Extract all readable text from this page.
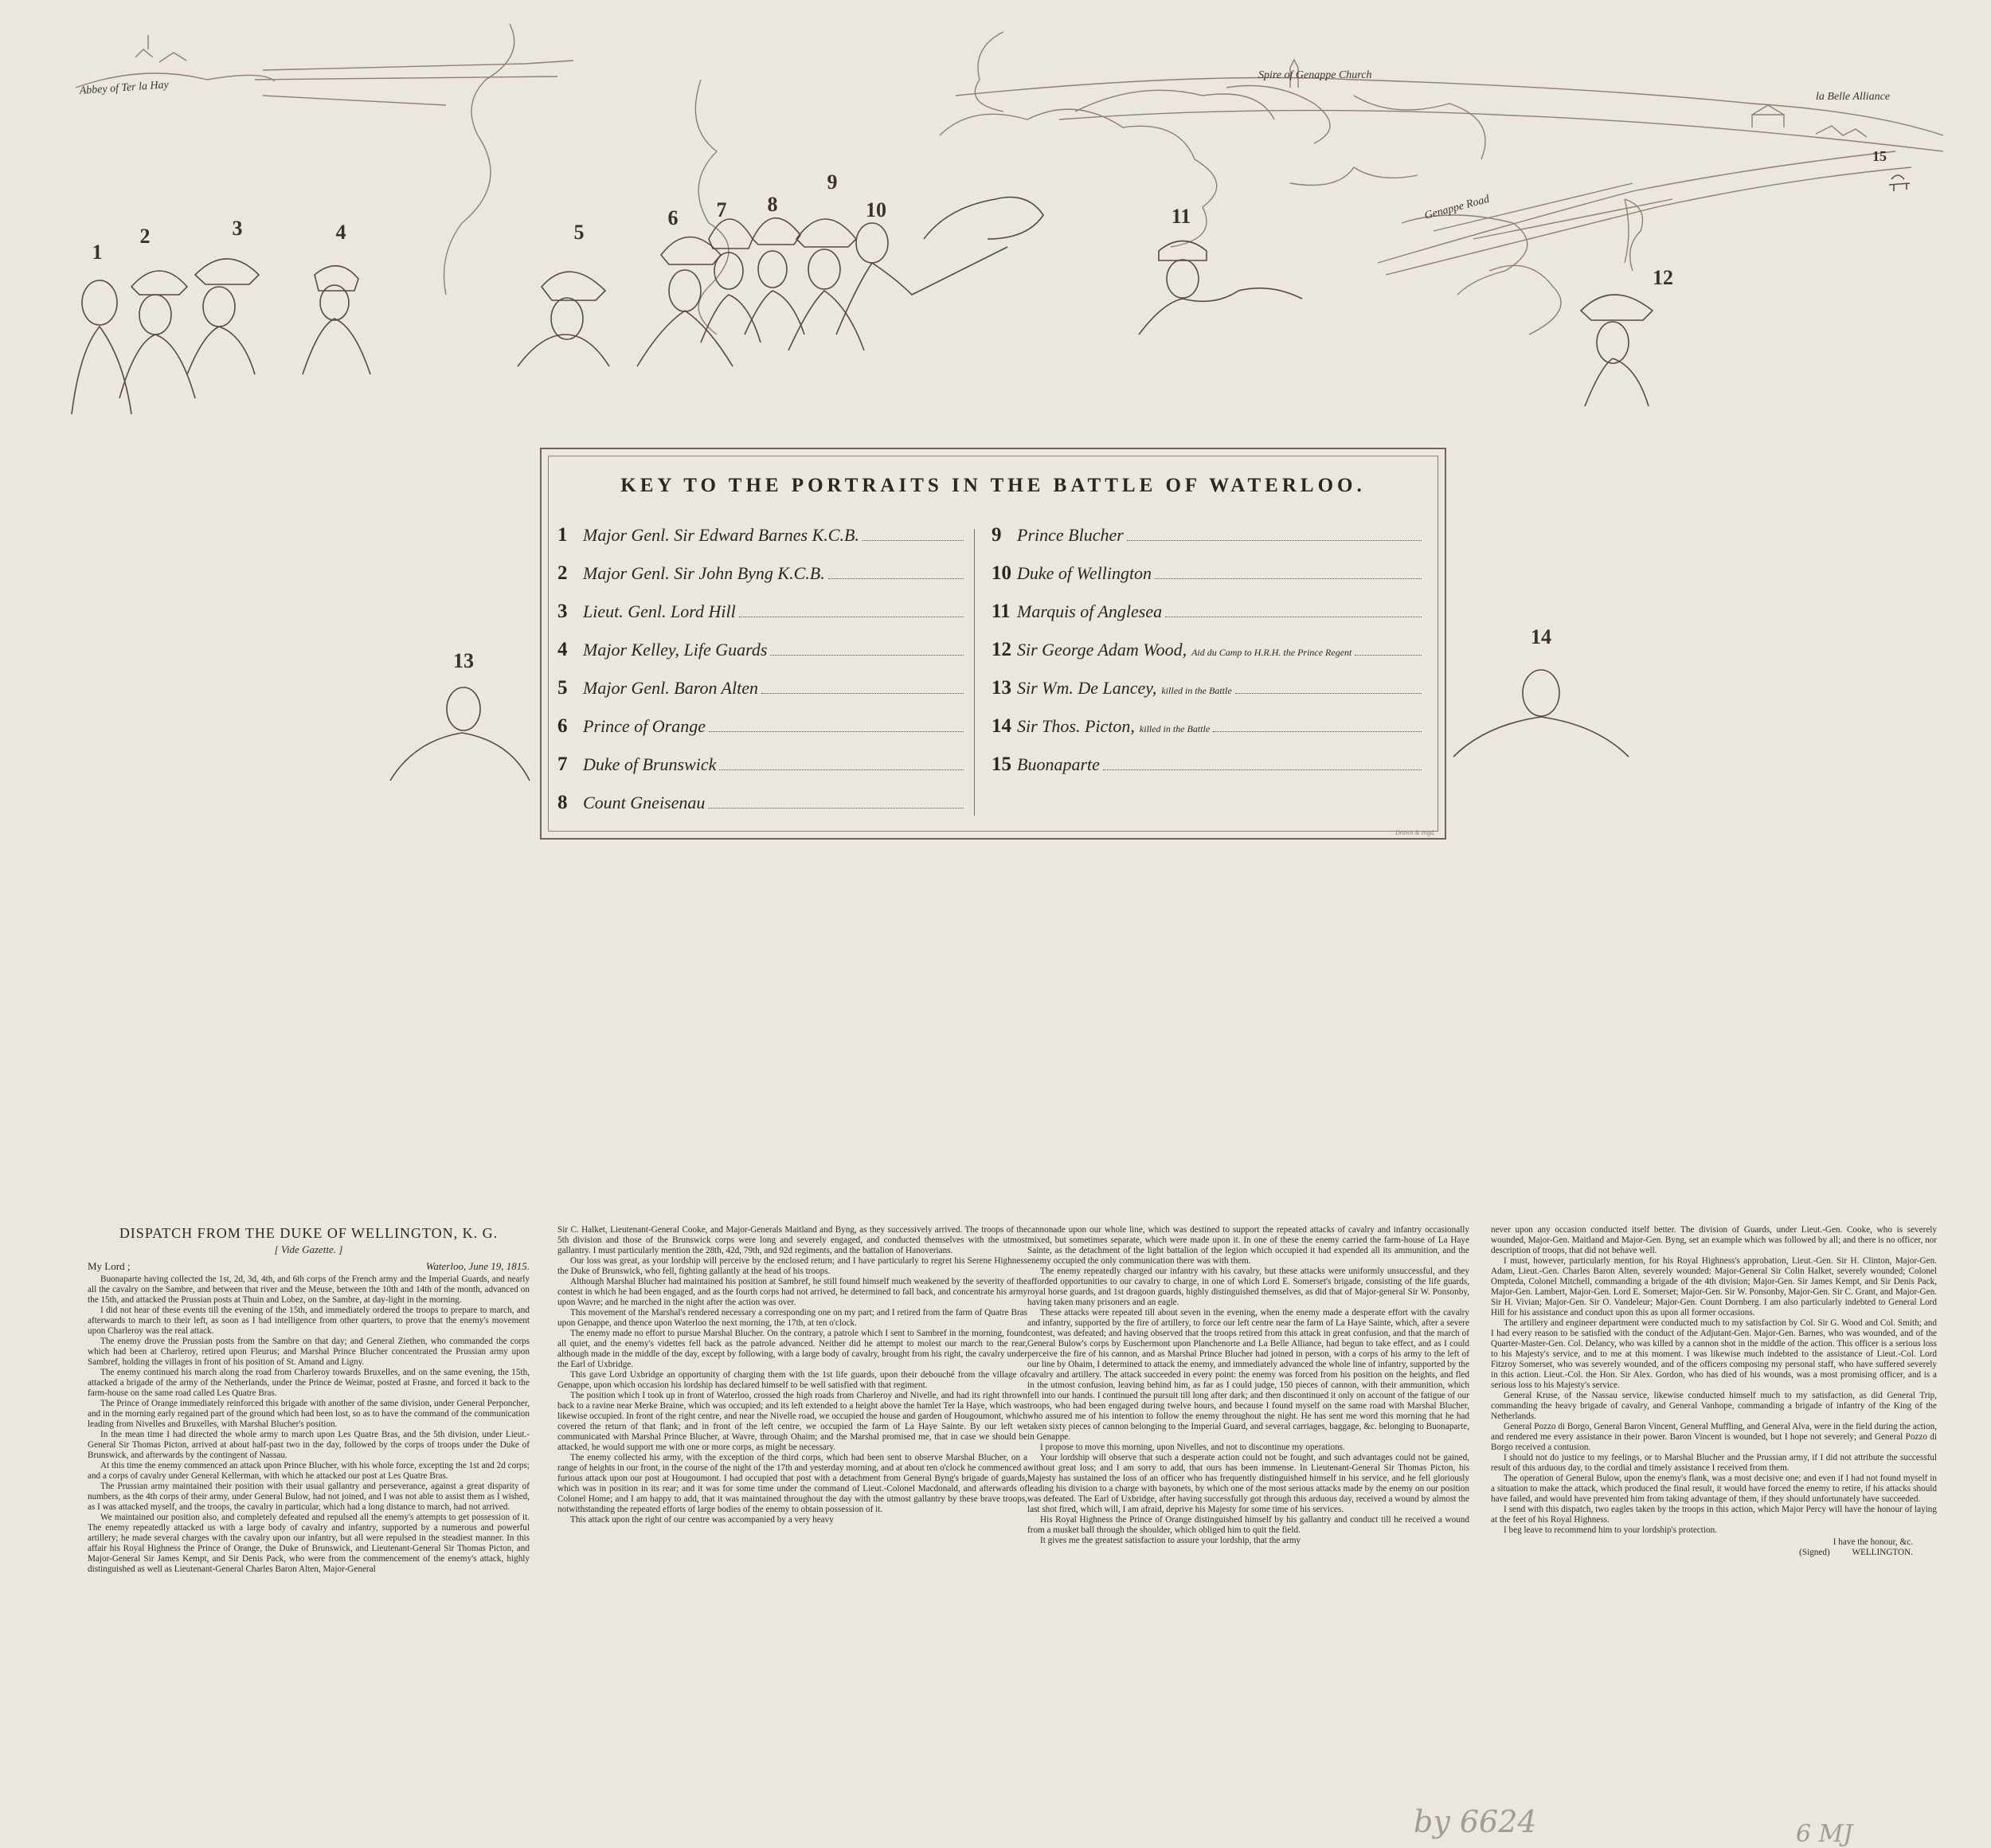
1
2	3	4	5
6 7 8
9
10	11
12
13
14
15
Abbey of Ter la Hay
Spire of Genappe Church
la Belle Alliance
Genappe Road
KEY TO THE PORTRAITS IN THE BATTLE OF WATERLOO.
1 Major Genl. Sir Edward Barnes K.C.B.
2 Major Genl. Sir John Byng K.C.B.
3 Lieut. Genl. Lord Hill
4 Major Kelley, Life Guards
5 Major Genl. Baron Alten
6 Prince of Orange
7 Duke of Brunswick
8 Count Gneisenau
9 Prince Blucher
10 Duke of Wellington
11 Marquis of Anglesea
12 Sir George Adam Wood, Aid du Camp to H.R.H. the Prince Regent
13 Sir Wm. De Lancey, killed in the Battle
14 Sir Thos. Picton, killed in the Battle
15 Buonaparte
Drawn & engd.
DISPATCH FROM THE DUKE OF WELLINGTON, K. G.
[ Vide Gazette. ]
My Lord ;	Waterloo, June 19, 1815.

Buonaparte having collected the 1st, 2d, 3d, 4th, and 6th corps of the French army and the Imperial Guards, and nearly all the cavalry on the Sambre, and between that river and the Meuse, between the 10th and 14th of the month, advanced on the 15th, and attacked the Prussian posts at Thuin and Lobez, on the Sambre, at day-light in the morning.

I did not hear of these events till the evening of the 15th, and immediately ordered the troops to prepare to march, and afterwards to march to their left, as soon as I had intelligence from other quarters, to prove that the enemy's movement upon Charleroy was the real attack.

The enemy drove the Prussian posts from the Sambre on that day; and General Ziethen, who commanded the corps which had been at Charleroy, retired upon Fleurus; and Marshal Prince Blucher concentrated the Prussian army upon Sambref, holding the villages in front of his position of St. Amand and Ligny.

The enemy continued his march along the road from Charleroy towards Bruxelles, and on the same evening, the 15th, attacked a brigade of the army of the Netherlands, under the Prince de Weimar, posted at Frasne, and forced it back to the farm-house on the same road called Les Quatre Bras.

The Prince of Orange immediately reinforced this brigade with another of the same division, under General Perponcher, and in the morning early regained part of the ground which had been lost, so as to have the command of the communication leading from Nivelles and Bruxelles, with Marshal Blucher's position.

In the mean time I had directed the whole army to march upon Les Quatre Bras, and the 5th division, under Lieut.-General Sir Thomas Picton, arrived at about half-past two in the day, followed by the corps of troops under the Duke of Brunswick, and afterwards by the contingent of Nassau.

At this time the enemy commenced an attack upon Prince Blucher, with his whole force, excepting the 1st and 2d corps; and a corps of cavalry under General Kellerman, with which he attacked our post at Les Quatre Bras.

The Prussian army maintained their position with their usual gallantry and perseverance, against a great disparity of numbers, as the 4th corps of their army, under General Bulow, had not joined, and I was not able to assist them as I wished, as I was attacked myself, and the troops, the cavalry in particular, which had a long distance to march, had not arrived.

We maintained our position also, and completely defeated and repulsed all the enemy's attempts to get possession of it. The enemy repeatedly attacked us with a large body of cavalry and infantry, supported by a numerous and powerful artillery; he made several charges with the cavalry upon our infantry, but all were repulsed in the steadiest manner. In this affair his Royal Highness the Prince of Orange, the Duke of Brunswick, and Lieutenant-General Sir Thomas Picton, and Major-General Sir James Kempt, and Sir Denis Pack, who were from the commencement of the enemy's attack, highly distinguished as well as Lieutenant-General Charles Baron Alten, Major-General

Sir C. Halket, Lieutenant-General Cooke, and Major-Generals Maitland and Byng, as they successively arrived. The troops of the 5th division and those of the Brunswick corps were long and severely engaged, and conducted themselves with the utmost gallantry. I must particularly mention the 28th, 42d, 79th, and 92d regiments, and the battalion of Hanoverians.

Our loss was great, as your lordship will perceive by the enclosed return; and I have particularly to regret his Serene Highness the Duke of Brunswick, who fell, fighting gallantly at the head of his troops.

Although Marshal Blucher had maintained his position at Sambref, he still found himself much weakened by the severity of the contest in which he had been engaged, and as the fourth corps had not arrived, he determined to fall back, and concentrate his army upon Wavre; and he marched in the night after the action was over.

This movement of the Marshal's rendered necessary a corresponding one on my part; and I retired from the farm of Quatre Bras upon Genappe, and thence upon Waterloo the next morning, the 17th, at ten o'clock.

The enemy made no effort to pursue Marshal Blucher. On the contrary, a patrole which I sent to Sambref in the morning, found all quiet, and the enemy's videttes fell back as the patrole advanced. Neither did he attempt to molest our march to the rear, although made in the middle of the day, except by following, with a large body of cavalry, brought from his right, the cavalry under the Earl of Uxbridge.

This gave Lord Uxbridge an opportunity of charging them with the 1st life guards, upon their debouché from the village of Genappe, upon which occasion his lordship has declared himself to be well satisfied with that regiment.

The position which I took up in front of Waterloo, crossed the high roads from Charleroy and Nivelle, and had its right thrown back to a ravine near Merke Braine, which was occupied; and its left extended to a height above the hamlet Ter la Haye, which was likewise occupied. In front of the right centre, and near the Nivelle road, we occupied the house and garden of Hougoumont, which covered the return of that flank; and in front of the left centre, we occupied the farm of La Haye Sainte. By our left we communicated with Marshal Prince Blucher, at Wavre, through Ohaim; and the Marshal promised me, that in case we should be attacked, he would support me with one or more corps, as might be necessary.

The enemy collected his army, with the exception of the third corps, which had been sent to observe Marshal Blucher, on a range of heights in our front, in the course of the night of the 17th and yesterday morning, and at about ten o'clock he commenced a furious attack upon our post at Hougoumont. I had occupied that post with a detachment from General Byng's brigade of guards, which was in position in its rear; and it was for some time under the command of Lieut.-Colonel Macdonald, and afterwards of Colonel Home; and I am happy to add, that it was maintained throughout the day with the utmost gallantry by these brave troops, notwithstanding the repeated efforts of large bodies of the enemy to obtain possession of it.

This attack upon the right of our centre was accompanied by a very heavy

cannonade upon our whole line, which was destined to support the repeated attacks of cavalry and infantry occasionally mixed, but sometimes separate, which were made upon it. In one of these the enemy carried the farm-house of La Haye Sainte, as the detachment of the light battalion of the legion which occupied it had expended all its ammunition, and the enemy occupied the only communication there was with them.

The enemy repeatedly charged our infantry with his cavalry, but these attacks were uniformly unsuccessful, and they afforded opportunities to our cavalry to charge, in one of which Lord E. Somerset's brigade, consisting of the life guards, royal horse guards, and 1st dragoon guards, highly distinguished themselves, as did that of Major-general Sir W. Ponsonby, having taken many prisoners and an eagle.

These attacks were repeated till about seven in the evening, when the enemy made a desperate effort with the cavalry and infantry, supported by the fire of artillery, to force our left centre near the farm of La Haye Sainte, which, after a severe contest, was defeated; and having observed that the troops retired from this attack in great confusion, and that the march of General Bulow's corps by Euschermont upon Planchenorte and La Belle Alliance, had begun to take effect, and as I could perceive the fire of his cannon, and as Marshal Prince Blucher had joined in person, with a corps of his army to the left of our line by Ohaim, I determined to attack the enemy, and immediately advanced the whole line of infantry, supported by the cavalry and artillery. The attack succeeded in every point: the enemy was forced from his position on the heights, and fled in the utmost confusion, leaving behind him, as far as I could judge, 150 pieces of cannon, with their ammunition, which fell into our hands. I continued the pursuit till long after dark; and then discontinued it only on account of the fatigue of our troops, who had been engaged during twelve hours, and because I found myself on the same road with Marshal Blucher, who assured me of his intention to follow the enemy throughout the night. He has sent me word this morning that he had taken sixty pieces of cannon belonging to the Imperial Guard, and several carriages, baggage, &c. belonging to Buonaparte, in Genappe.

I propose to move this morning, upon Nivelles, and not to discontinue my operations.

Your lordship will observe that such a desperate action could not be fought, and such advantages could not be gained, without great loss; and I am sorry to add, that ours has been immense. In Lieutenant-General Sir Thomas Picton, his Majesty has sustained the loss of an officer who has frequently distinguished himself in his service, and he fell gloriously leading his division to a charge with bayonets, by which one of the most serious attacks made by the enemy on our position was defeated. The Earl of Uxbridge, after having successfully got through this arduous day, received a wound by almost the last shot fired, which will, I am afraid, deprive his Majesty for some time of his services.

His Royal Highness the Prince of Orange distinguished himself by his gallantry and conduct till he received a wound from a musket ball through the shoulder, which obliged him to quit the field.

It gives me the greatest satisfaction to assure your lordship, that the army

never upon any occasion conducted itself better. The division of Guards, under Lieut.-Gen. Cooke, who is severely wounded, Major-Gen. Maitland and Major-Gen. Byng, set an example which was followed by all; and there is no officer, nor description of troops, that did not behave well.

I must, however, particularly mention, for his Royal Highness's approbation, Lieut.-Gen. Sir H. Clinton, Major-Gen. Adam, Lieut.-Gen. Charles Baron Alten, severely wounded: Major-General Sir Colin Halket, severely wounded; Colonel Ompteda, Colonel Mitchell, commanding a brigade of the 4th division; Major-Gen. Sir James Kempt, and Sir Denis Pack, Major-Gen. Lambert, Major-Gen. Lord E. Somerset; Major-Gen. Sir W. Ponsonby, Major-Gen. Sir C. Grant, and Major-Gen. Sir H. Vivian; Major-Gen. Sir O. Vandeleur; Major-Gen. Count Dornberg. I am also particularly indebted to General Lord Hill for his assistance and conduct upon this as upon all former occasions.

The artillery and engineer department were conducted much to my satisfaction by Col. Sir G. Wood and Col. Smith; and I had every reason to be satisfied with the conduct of the Adjutant-Gen. Major-Gen. Barnes, who was wounded, and of the Quarter-Master-Gen. Col. Delancy, who was killed by a cannon shot in the middle of the action. This officer is a serious loss to his Majesty's service, and to me at this moment. I was likewise much indebted to the assistance of Lieut.-Col. Lord Fitzroy Somerset, who was severely wounded, and of the officers composing my personal staff, who have suffered severely in this action. Lieut.-Col. the Hon. Sir Alex. Gordon, who has died of his wounds, was a most promising officer, and is a serious loss to his Majesty's service.

General Kruse, of the Nassau service, likewise conducted himself much to my satisfaction, as did General Trip, commanding the heavy brigade of cavalry, and General Vanhope, commanding a brigade of infantry of the King of the Netherlands.

General Pozzo di Borgo, General Baron Vincent, General Muffling, and General Alva, were in the field during the action, and rendered me every assistance in their power. Baron Vincent is wounded, but I hope not severely; and General Pozzo di Borgo received a contusion.

I should not do justice to my feelings, or to Marshal Blucher and the Prussian army, if I did not attribute the successful result of this arduous day, to the cordial and timely assistance I received from them.

The operation of General Bulow, upon the enemy's flank, was a most decisive one; and even if I had not found myself in a situation to make the attack, which produced the final result, it would have forced the enemy to retire, if his attacks should have failed, and would have prevented him from taking advantage of them, if they should unfortunately have succeeded.

I send with this dispatch, two eagles taken by the troops in this action, which Major Percy will have the honour of laying at the feet of his Royal Highness.

I beg leave to recommend him to your lordship's protection.

I have the honour, &c.
(Signed) WELLINGTON.
by 6624	6 MJ
